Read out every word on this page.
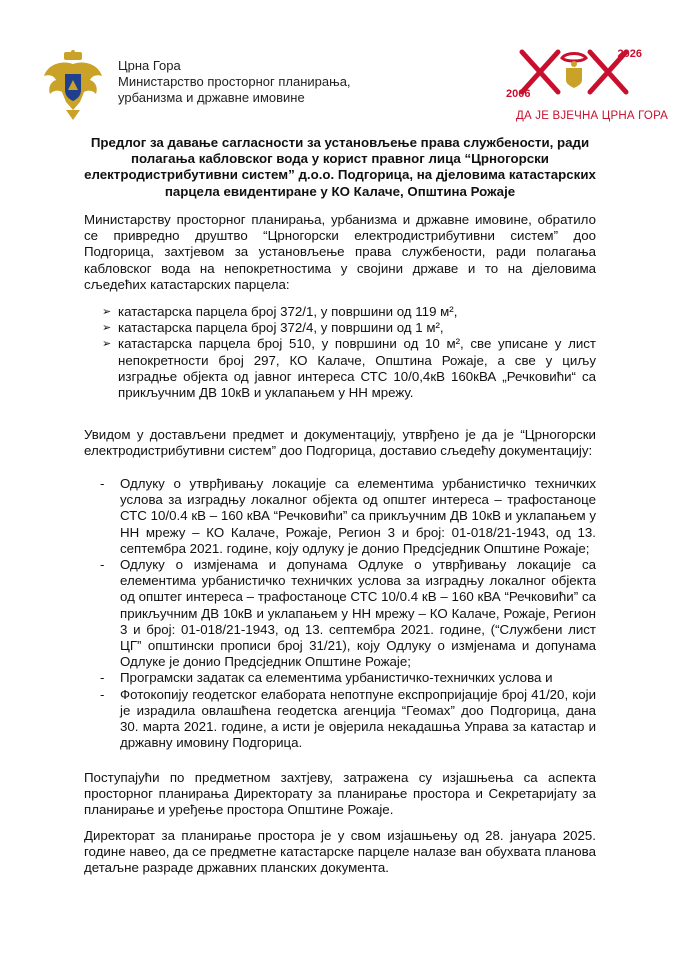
Црна Гора
Министарство просторног планирања,
урбанизма и државне имовине	2006
2026
ДА ЈЕ ВЈЕЧНА ЦРНА ГОРА
Предлог за давање сагласности за установљење права службености, ради полагања каблoвског вода у корист правног лица “Црногорски електродистрибутивни систем” д.о.о. Подгорица, на дјеловима катастарских парцела евидентиране у КО Калаче, Општина Рожаје
Министарству просторног планирања, урбанизма и државне имовине, обратило се привредно друштво “Црногорски електродистрибутивни систем” доо Подгорица, захтјевом за установљење права службености, ради полагања кабловског вода на непокретностима у својини државе и то на дјеловима сљедећих катастарских парцела:
➢ катастарска парцела број 372/1, у површини од 119 м²,
➢ катастарска парцела број 372/4, у површини од 1 м²,
➢ катастарска парцела број 510, у површини од 10 м², све уписане у лист непокретности број 297, КО Калаче, Општина Рожаје, а све у циљу изградње објекта од јавног интереса СТС 10/0,4кВ 160кВА „Речковићи“ са прикључним ДВ 10кВ и уклапањем у НН мрежу.
Увидом у достављени предмет и документацију, утврђено је да је “Црногорски електродистрибутивни систем” доо Подгорица, доставио сљедећу документацију:
- Одлуку о утврђивању локације са елементима урбанистичко техничких услова за изградњу локалног објекта од општег интереса – трафостаноце СТС 10/0.4 кВ – 160 кВА “Речковићи” са прикључним ДВ 10кВ и уклапањем у НН мрежу – КО Калаче, Рожаје, Регион 3 и број: 01-018/21-1943, од 13. септембра 2021. године, коју одлуку је донио Предсједник Општине Рожаје;
- Одлуку о измјенама и допунама Одлуке о утврђивању локације са елементима урбанистичко техничких услова за изградњу локалног објекта од општег интереса – трафостаноце СТС 10/0.4 кВ – 160 кВА “Речковићи” са прикључним ДВ 10кВ и уклапањем у НН мрежу – КО Калаче, Рожаје, Регион 3 и број: 01-018/21-1943, од 13. септембра 2021. године, (“Службени лист ЦГ” општински прописи број 31/21), коју Одлуку о измјенама и допунама Одлуке је донио Предсједник Општине Рожаје;
- Програмски задатак са елементима урбанистичко-техничких услова и
- Фотокопију геодетског елабората непотпуне експропријације број 41/20, који је израдила овлашћена геодетска агенција “Геомах” доо Подгорица, дана 30. марта 2021. године, а исти је овјерила некадашња Управа за катастар и државну имовину Подгорица.
Поступајући по предметном захтјеву, затражена су изјашњења са аспекта просторног планирања Директорату за планирање простора и Секретаријату за планирање и уређење простора Општине Рожаје.
Директорат за планирање простора је у свом изјашњењу од 28. јануара 2025. године навео, да се предметне катастарске парцеле налазе ван обухвата планова детаљне разраде државних планских документа.
